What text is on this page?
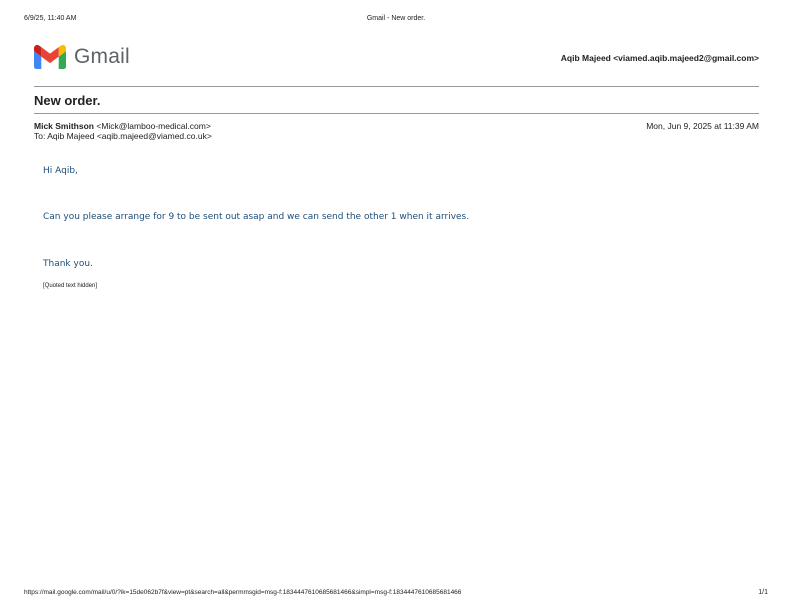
6/9/25, 11:40 AM	Gmail - New order.
Gmail	Aqib Majeed <viamed.aqib.majeed2@gmail.com>
New order.
Mick Smithson <Mick@lamboo-medical.com>	Mon, Jun 9, 2025 at 11:39 AM
To: Aqib Majeed <aqib.majeed@viamed.co.uk>
Hi Aqib,
Can you please arrange for 9 to be sent out asap and we can send the other 1 when it arrives.
Thank you.
[Quoted text hidden]
https://mail.google.com/mail/u/0/?ik=15de062b7f&view=pt&search=all&permmsgid=msg-f:1834447610685681466&simpl=msg-f:1834447610685681466	1/1
